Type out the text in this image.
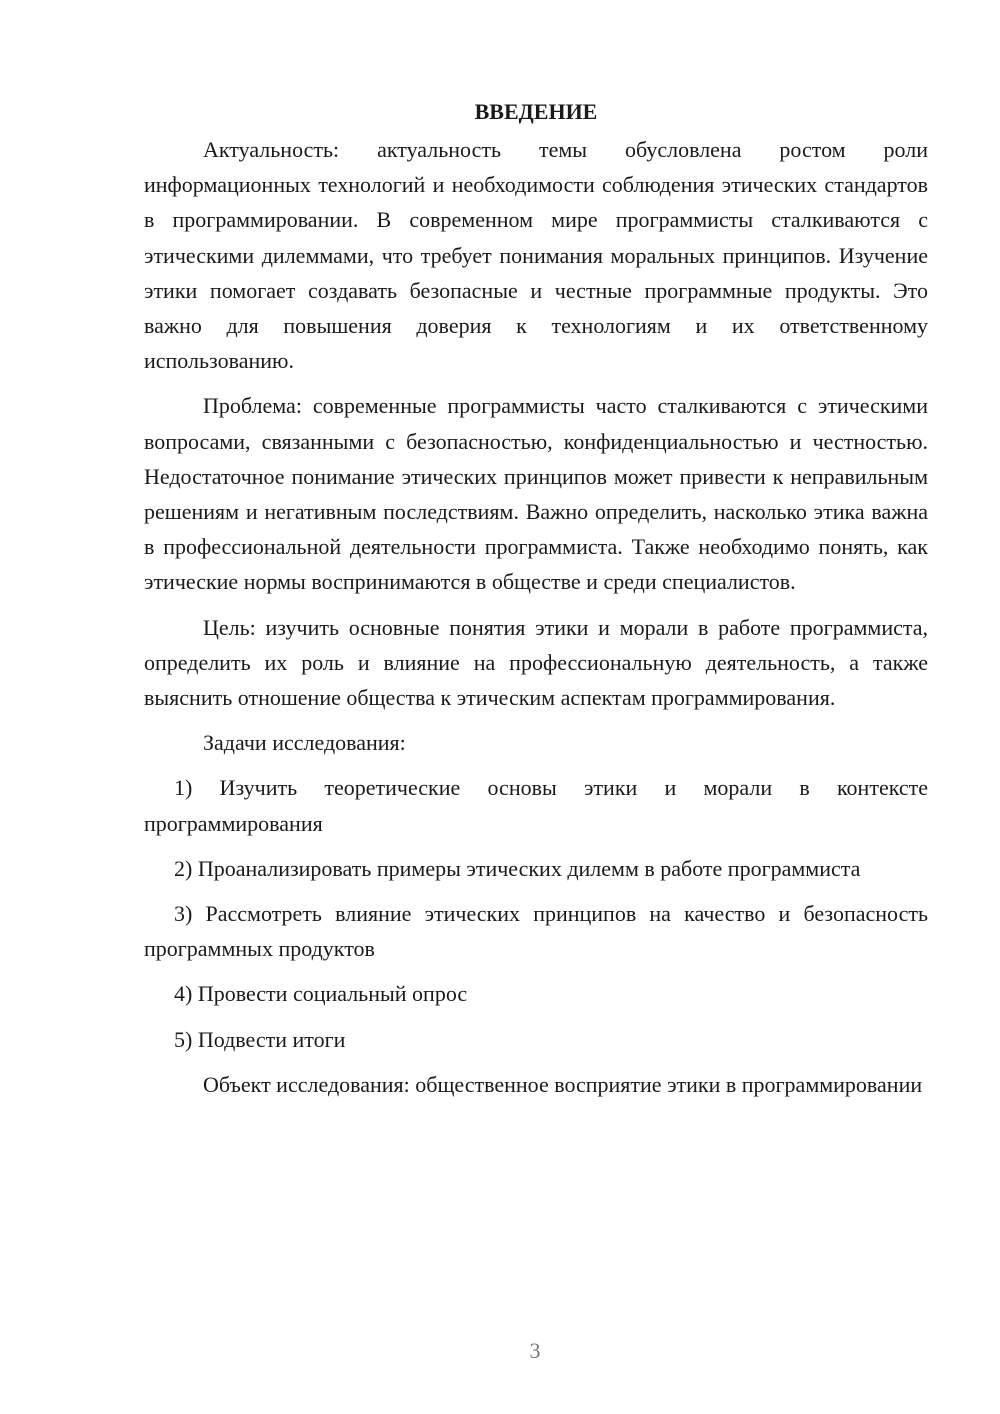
ВВЕДЕНИЕ

Актуальность: актуальность темы обусловлена ростом роли информационных технологий и необходимости соблюдения этических стандартов в программировании. В современном мире программисты сталкиваются с этическими дилеммами, что требует понимания моральных принципов. Изучение этики помогает создавать безопасные и честные программные продукты. Это важно для повышения доверия к технологиям и их ответственному использованию.

Проблема: современные программисты часто сталкиваются с этическими вопросами, связанными с безопасностью, конфиденциальностью и честностью. Недостаточное понимание этических принципов может привести к неправильным решениям и негативным последствиям. Важно определить, насколько этика важна в профессиональной деятельности программиста. Также необходимо понять, как этические нормы воспринимаются в обществе и среди специалистов.

Цель: изучить основные понятия этики и морали в работе программиста, определить их роль и влияние на профессиональную деятельность, а также выяснить отношение общества к этическим аспектам программирования.

Задачи исследования:

1) Изучить теоретические основы этики и морали в контексте программирования

2) Проанализировать примеры этических дилемм в работе программиста

3) Рассмотреть влияние этических принципов на качество и безопасность программных продуктов

4) Провести социальный опрос

5) Подвести итоги

Объект исследования: общественное восприятие этики в программировании

3
